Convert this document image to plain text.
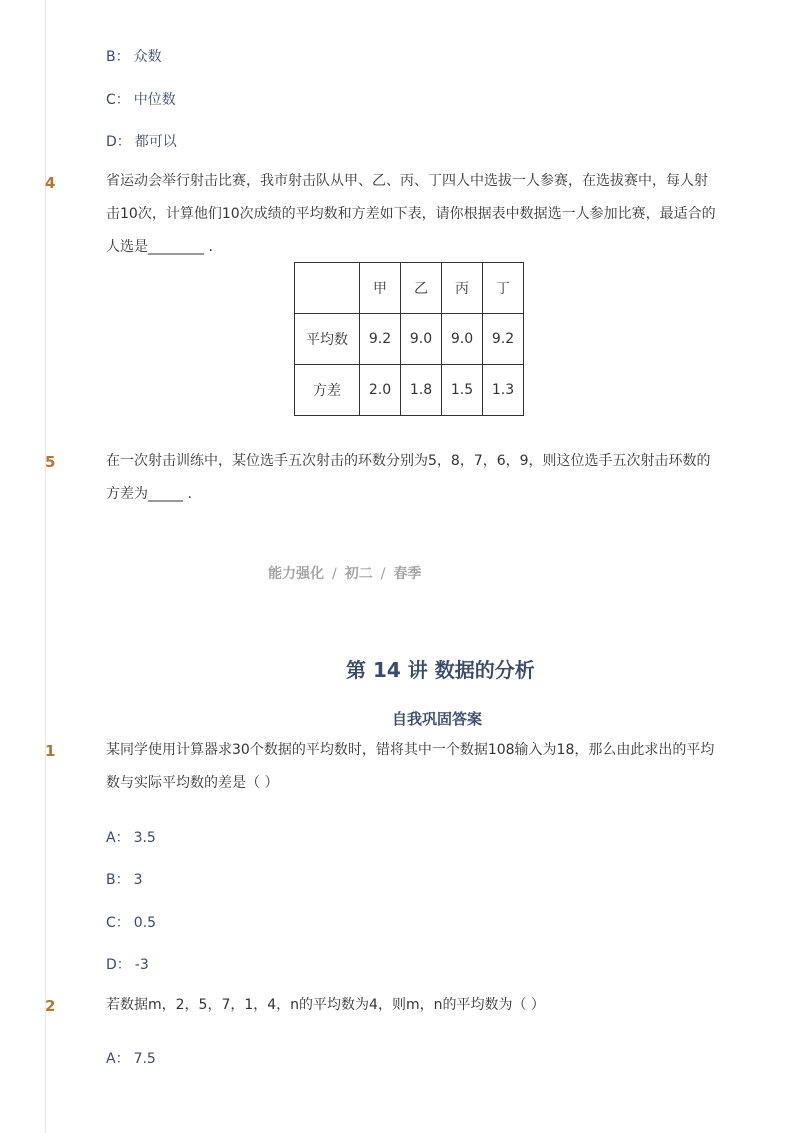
B： 众数
C： 中位数
D： 都可以
4	省运动会举行射击比赛，我市射击队从甲、乙、丙、丁四人中选拔一人参赛，在选拔赛中，每人射击10次，计算他们10次成绩的平均数和方差如下表，请你根据表中数据选一人参加比赛，最适合的人选是________ .
	甲	乙	丙	丁
平均数	9.2	9.0	9.0	9.2
方差	2.0	1.8	1.5	1.3
5	在一次射击训练中，某位选手五次射击的环数分别为5，8，7，6，9，则这位选手五次射击环数的方差为_____ .
能力强化 / 初二 / 春季
第 14 讲 数据的分析
自我巩固答案
1	某同学使用计算器求30个数据的平均数时，错将其中一个数据108输入为18，那么由此求出的平均数与实际平均数的差是（ ）
A： 3.5
B： 3
C： 0.5
D： -3
2	若数据m，2，5，7，1，4，n的平均数为4，则m，n的平均数为（ ）
A： 7.5
